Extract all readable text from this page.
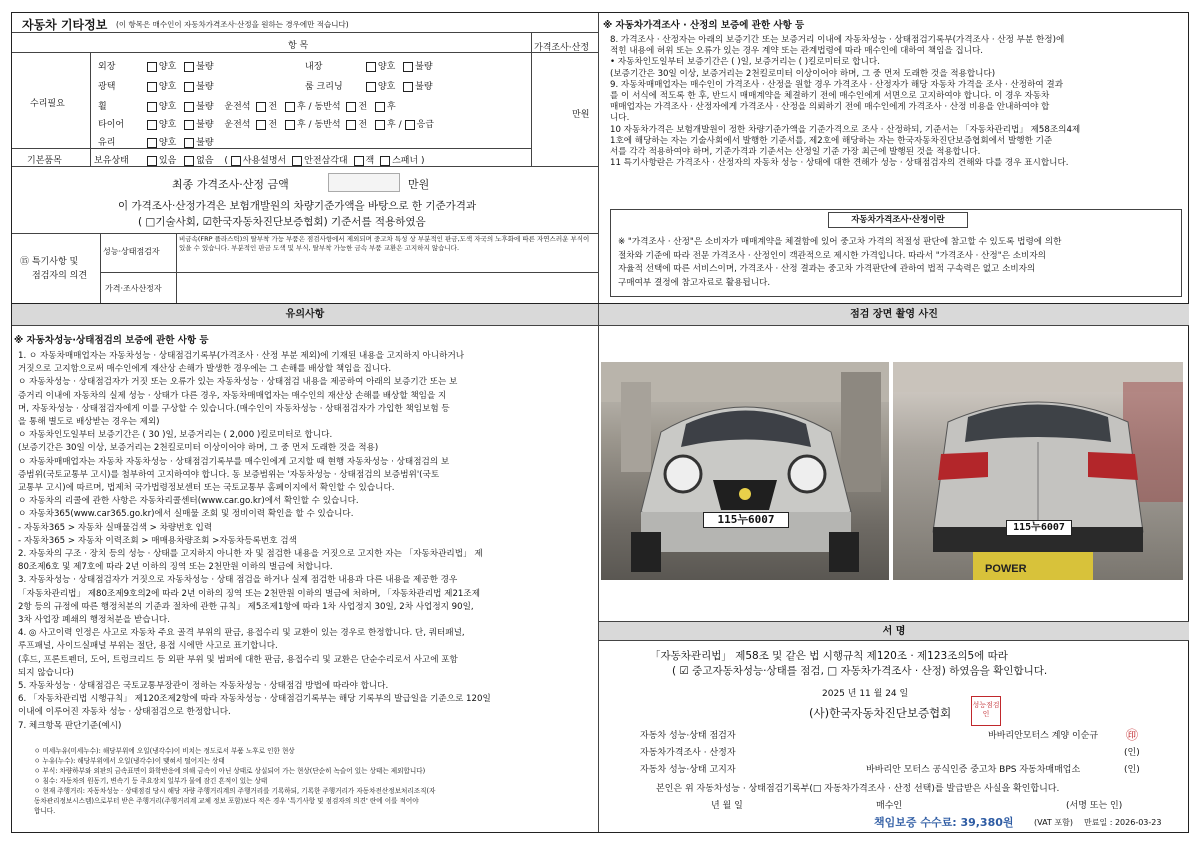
자동차 기타정보 (이 항목은 매수인이 자동차가격조사·산정을 원하는 경우에만 적습니다)
항 목	가격조사·산정
만원
수리필요
기본품목
외장	양호 불량	내장	양호 불량
광택	양호 불량	룸 크리닝	양호 불량
휠	양호 불량 운전석 전 후 / 동반석 전 후
타이어	양호 불량 운전석 전 후 / 동반석 전 후 / 응급
유리	양호 불량
보유상태	있음 없음 ( 사용설명서 안전삼각대 잭 스패너 )
최종 가격조사·산정 금액	만원
이 가격조사·산정가격은 보험개발원의 차량기준가액을 바탕으로 한 기준가격과
( □기술사회, ☑한국자동차진단보증협회) 기준서를 적용하였음
⑮ 특기사항 및
점검자의 의견
성능·상태점검자
비금속(FRP 플라스틱)의 탈부착 가능 부품은 점검사항에서 제외되며 중고차 특성 상 부분적인 판금,도색 자국의 노후화에 따른 자연스러운 부식이 있을 수 있습니다. 부분적인 판금 도색 및 부식, 탈부착 가능한 금속 부품 교환은 고지하지 않습니다.
가격·조사산정자
※ 자동차가격조사 · 산정의 보증에 관한 사항 등
8. 가격조사 · 산정자는 아래의 보증기간 또는 보증거리 이내에 자동차성능 · 상태점검기록부(가격조사 · 산정 부분 한정)에
적힌 내용에 허위 또는 오류가 있는 경우 계약 또는 관계법령에 따라 매수인에 대하여 책임을 집니다.
• 자동차인도일부터 보증기간은 ( )일, 보증거리는 ( )킬로미터로 합니다.
(보증기간은 30일 이상, 보증거리는 2천킬로미터 이상이어야 하며, 그 중 먼저 도래한 것을 적용합니다)
9. 자동차매매업자는 매수인이 가격조사 · 산정을 원할 경우 가격조사 · 산정자가 해당 자동차 가격을 조사 · 산정하여 결과
를 이 서식에 적도록 한 후, 반드시 매매계약을 체결하기 전에 매수인에게 서면으로 고지하여야 합니다. 이 경우 자동차
매매업자는 가격조사 · 산정자에게 가격조사 · 산정을 의뢰하기 전에 매수인에게 가격조사 · 산정 비용을 안내하여야 합
니다.
10 자동차가격은 보험개발원이 정한 차량기준가액을 기준가격으로 조사 · 산정하되, 기준서는 「자동차관리법」 제58조의4제
1호에 해당하는 자는 기술사회에서 발행한 기준서를, 제2호에 해당하는 자는 한국자동차진단보증협회에서 발행한 기준
서를 각각 적용하여야 하며, 기준가격과 기준서는 산정일 기준 가장 최근에 발행된 것을 적용합니다.
11 특기사항란은 가격조사 · 산정자의 자동차 성능 · 상태에 대한 견해가 성능 · 상태점검자의 견해와 다를 경우 표시합니다.
자동차가격조사·산정이란
※ "가격조사 · 산정"은 소비자가 매매계약을 체결함에 있어 중고차 가격의 적절성 판단에 참고할 수 있도록 법령에 의한
절차와 기준에 따라 전문 가격조사 · 산정인이 객관적으로 제시한 가격입니다. 따라서 "가격조사 · 산정"은 소비자의
자율적 선택에 따른 서비스이며, 가격조사 · 산정 결과는 중고차 가격판단에 관하여 법적 구속력은 없고 소비자의
구매여부 결정에 참고자료로 활용됩니다.
유의사항
※ 자동차성능·상태점검의 보증에 관한 사항 등
1. ㅇ 자동차매매업자는 자동차성능 · 상태점검기록부(가격조사 · 산정 부분 제외)에 기재된 내용을 고지하지 아니하거나
거짓으로 고지함으로써 매수인에게 재산상 손해가 발생한 경우에는 그 손해를 배상할 책임을 집니다.
ㅇ 자동차성능 · 상태점검자가 거짓 또는 오류가 있는 자동차성능 · 상태점검 내용을 제공하여 아래의 보증기간 또는 보
증거리 이내에 자동차의 실제 성능 · 상태가 다른 경우, 자동차매매업자는 매수인의 재산상 손해를 배상할 책임을 지
며, 자동차성능 · 상태점검자에게 이를 구상할 수 있습니다.(매수인이 자동차성능 · 상태점검자가 가입한 책임보험 등
을 통해 별도로 배상받는 경우는 제외)
ㅇ 자동차인도일부터 보증기간은 ( 30 )일, 보증거리는 ( 2,000 )킬로미터로 합니다.
(보증기간은 30일 이상, 보증거리는 2천킬로미터 이상이어야 하며, 그 중 먼저 도래한 것을 적용)
ㅇ 자동차매매업자는 자동차 자동차성능 · 상태점검기록부를 매수인에게 고지할 때 현행 자동차성능 · 상태점검의 보
증범위(국토교통부 고시)를 첨부하여 고지하여야 합니다. 동 보증범위는 '자동차성능 · 상태점검의 보증범위'(국토
교통부 고시)에 따르며, 법제처 국가법령정보센터 또는 국토교통부 홈페이지에서 확인할 수 있습니다.
ㅇ 자동차의 리콜에 관한 사항은 자동차리콜센터(www.car.go.kr)에서 확인할 수 있습니다.
ㅇ 자동차365(www.car365.go.kr)에서 실매물 조회 및 정비이력 확인을 할 수 있습니다.
- 자동차365 > 자동차 실매물검색 > 차량번호 입력
- 자동차365 > 자동차 이력조회 > 매매용차량조회 >자동차등록번호 검색
2. 자동차의 구조 · 장치 등의 성능 · 상태를 고지하지 아니한 자 및 점검한 내용을 거짓으로 고지한 자는 「자동차관리법」 제
80조제6호 및 제7호에 따라 2년 이하의 징역 또는 2천만원 이하의 벌금에 처합니다.
3. 자동차성능 · 상태점검자가 거짓으로 자동차성능 · 상태 점검을 하거나 실제 점검한 내용과 다른 내용을 제공한 경우
「자동차관리법」 제80조제9호의2에 따라 2년 이하의 징역 또는 2천만원 이하의 벌금에 처하며, 「자동차관리법 제21조제
2항 등의 규정에 따른 행정처분의 기준과 절차에 관한 규칙」 제5조제1항에 따라 1차 사업정지 30일, 2차 사업정지 90일,
3차 사업장 폐쇄의 행정처분을 받습니다.
4. ◎ 사고이력 인정은 사고로 자동차 주요 골격 부위의 판금, 용접수리 및 교환이 있는 경우로 한정합니다. 단, 쿼터패널,
루프패널, 사이드실패널 부위는 절단, 용접 시에만 사고로 표기합니다.
(후드, 프론트펜더, 도어, 트렁크리드 등 외판 부위 및 범퍼에 대한 판금, 용접수리 및 교환은 단순수리로서 사고에 포함
되지 않습니다)
5. 자동차성능 · 상태점검은 국토교통부장관이 정하는 자동차성능 · 상태점검 방법에 따라야 합니다.
6. 「자동차관리법 시행규칙」 제120조제2항에 따라 자동차성능 · 상태점검기록부는 해당 기록부의 발급일을 기준으로 120일
이내에 이루어진 자동차 성능 · 상태점검으로 한정합니다.
7. 체크항목 판단기준(예시)
ㅇ 미세누유(미세누수): 해당부위에 오일(냉각수)이 비치는 정도로서 부품 노후로 인한 현상
ㅇ 누유(누수): 해당부위에서 오일(냉각수)이 맺혀서 떨어지는 상태
ㅇ 부식: 차량하부와 외판의 금속표면이 화학반응에 의해 금속이 아닌 상태로 상실되어 가는 현상(단순히 녹슬어 있는 상태는 제외합니다)
ㅇ 침수: 자동차의 원동기, 변속기 등 주요장치 일부가 물에 잠긴 흔적이 있는 상태
ㅇ 현재 주행거리: 자동차성능 · 상태점검 당시 해당 자량 주행거리계의 주행거리를 기록하되, 기록한 주행거리가 자동차전산정보처리조직(자
동차관리정보시스템)으로부터 받은 주행거리(주행거리계 교체 정보 포함)보다 적은 경우 '특기사항 및 점검자의 의견' 란에 이를 적어야
합니다.
점검 장면 촬영 사진
115누6007
POWER
115누6007
서 명
「자동차관리법」 제58조 및 같은 법 시행규칙 제120조 · 제123조의5에 따라
( ☑ 중고자동차성능·상태를 점검, □ 자동차가격조사 · 산정) 하였음을 확인합니다.
2025 년 11 월 24 일
(사)한국자동차진단보증협회
성능점검인
자동차 성능·상태 점검자	바바리안모터스 계양 이순규 ㊞
자동차가격조사 · 산정자	(인)
자동차 성능·상태 고지자	바바리안 모터스 공식인증 중고차 BPS 자동차매매업소	(인)
본인은 위 자동차성능 · 상태점검기록부(□ 자동차가격조사 · 산정 선택)를 발급받은 사실을 확인합니다.
년 월 일	매수인	(서명 또는 인)
책임보증 수수료: 39,380원	(VAT 포함) 만료일 : 2026-03-23
